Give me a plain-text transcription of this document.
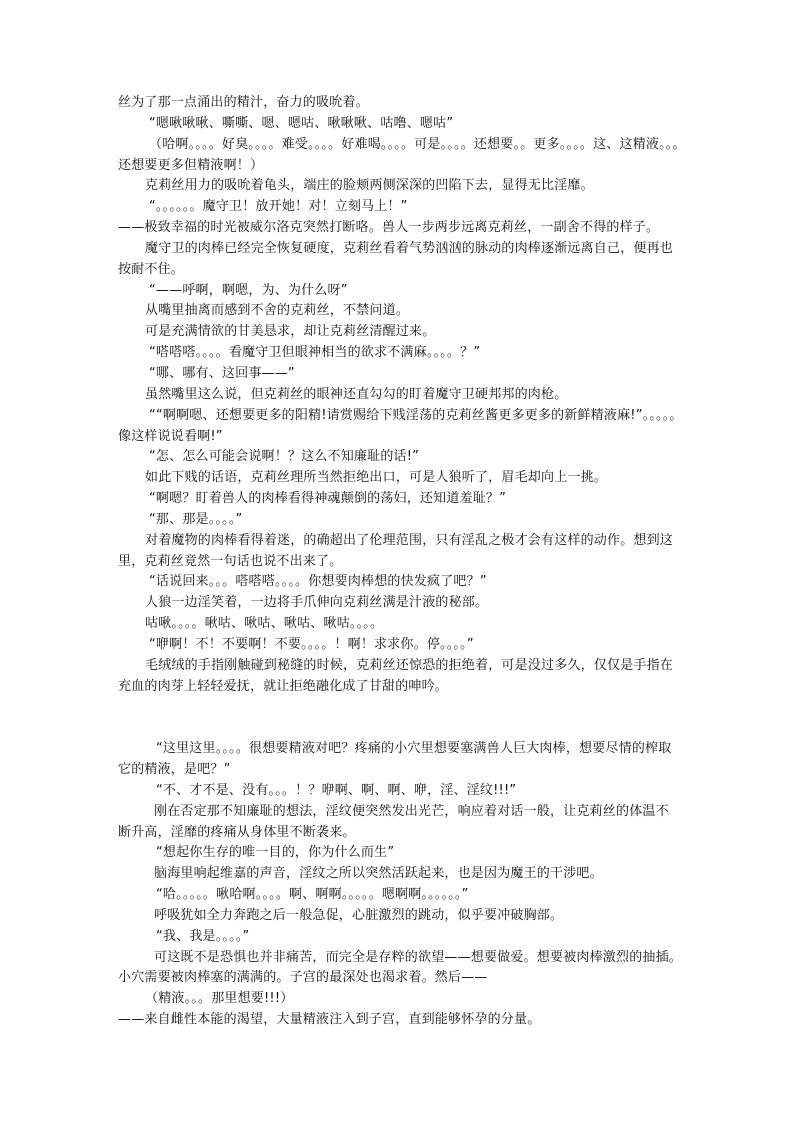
丝为了那一点涌出的精汁，奋力的吸吮着。
“嗯啾啾啾、嘶嘶、嗯、嗯咕、啾啾啾、咕噜、嗯咕”
（哈啊。。。。好臭。。。。难受。。。。好难喝。。。。可是。。。。还想要。。更多。。。。这、这精液。。。
还想要更多但精液啊！）
克莉丝用力的吸吮着龟头，端庄的脸颊两侧深深的凹陷下去，显得无比淫靡。
“。。。。。。魔守卫！放开她！对！立刻马上！”
——极致幸福的时光被威尔洛克突然打断咯。兽人一步两步远离克莉丝，一副舍不得的样子。
魔守卫的肉棒已经完全恢复硬度，克莉丝看着气势汹汹的脉动的肉棒逐渐远离自己，便再也
按耐不住。
“——呼啊，啊嗯，为、为什么呀”
从嘴里抽离而感到不舍的克莉丝，不禁问道。
可是充满情欲的甘美恳求，却让克莉丝清醒过来。
“嗒嗒嗒。。。。看魔守卫但眼神相当的欲求不满麻。。。。？”
“哪、哪有、这回事——”
虽然嘴里这么说，但克莉丝的眼神还直勾勾的盯着魔守卫硬邦邦的肉枪。
““啊啊嗯、还想要更多的阳精!请赏赐给下贱淫荡的克莉丝酱更多更多的新鲜精液麻!”。。。。。
像这样说说看啊!”
“怎、怎么可能会说啊！？这么不知廉耻的话!”
如此下贱的话语，克莉丝理所当然拒绝出口，可是人狼听了，眉毛却向上一挑。
“啊嗯？盯着兽人的肉棒看得神魂颠倒的荡妇，还知道羞耻？”
“那、那是。。。。”
对着魔物的肉棒看得着迷，的确超出了伦理范围，只有淫乱之极才会有这样的动作。想到这
里，克莉丝竟然一句话也说不出来了。
“话说回来。。。嗒嗒嗒。。。。你想要肉棒想的快发疯了吧？”
人狼一边淫笑着，一边将手爪伸向克莉丝满是汁液的秘部。
咕啾。。。。啾咕、啾咕、啾咕、啾咕。。。。
“咿啊！不！不要啊！不要。。。。！啊！求求你。停。。。。”
毛绒绒的手指刚触碰到秘缝的时候，克莉丝还惊恐的拒绝着，可是没过多久，仅仅是手指在
充血的肉芽上轻轻爱抚，就让拒绝融化成了甘甜的呻吟。
“这里这里。。。。很想要精液对吧？疼痛的小穴里想要塞满兽人巨大肉棒，想要尽情的榨取
它的精液，是吧？”
“不、才不是、没有。。。！？咿啊、啊、啊、咿，淫、淫纹!!!”
刚在否定那不知廉耻的想法，淫纹便突然发出光芒，响应着对话一般，让克莉丝的体温不
断升高，淫靡的疼痛从身体里不断袭来。
“想起你生存的唯一目的，你为什么而生”
脑海里响起维嘉的声音，淫纹之所以突然活跃起来，也是因为魔王的干涉吧。
“哈。。。。。啾哈啊。。。。啊、啊啊。。。。。嗯啊啊。。。。。。”
呼吸犹如全力奔跑之后一般急促，心脏激烈的跳动，似乎要冲破胸部。
“我、我是。。。。”
可这既不是恐惧也并非痛苦，而完全是存粹的欲望——想要做爱。想要被肉棒激烈的抽插。
小穴需要被肉棒塞的满满的。子宫的最深处也渴求着。然后——
（精液。。。那里想要!!!）
——来自雌性本能的渴望，大量精液注入到子宫，直到能够怀孕的分量。
